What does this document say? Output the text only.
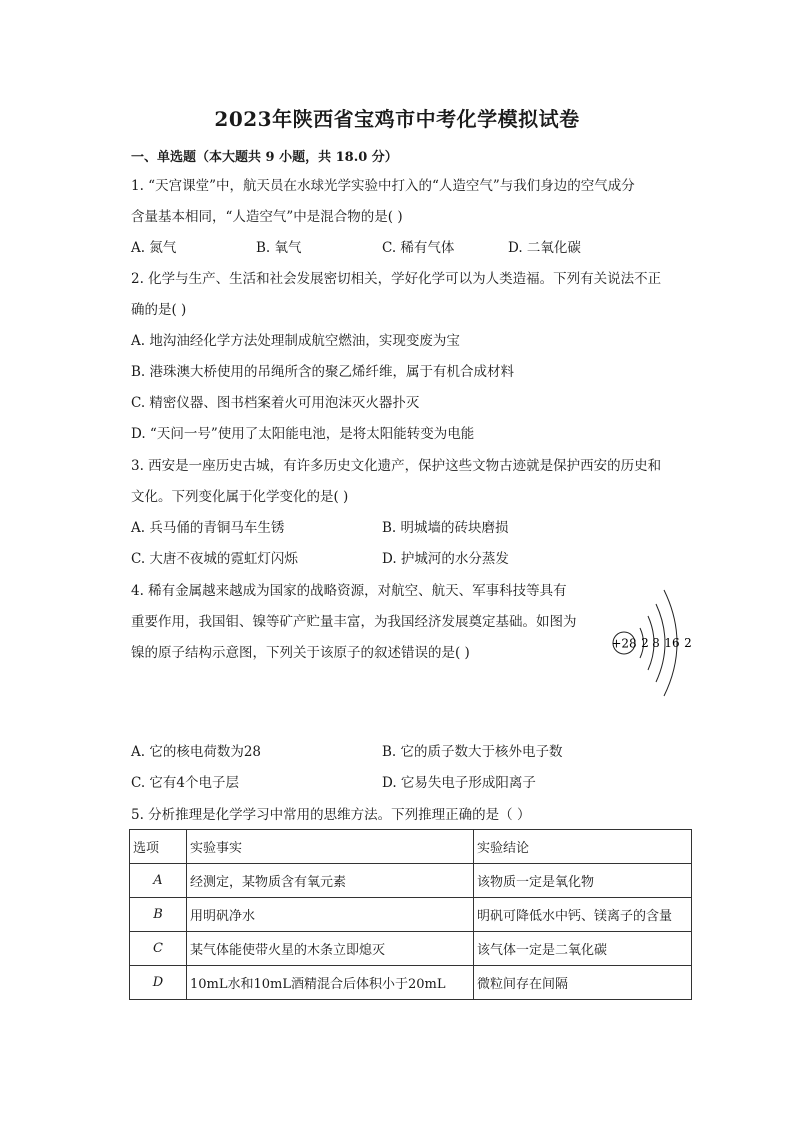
2023年陕西省宝鸡市中考化学模拟试卷
一、单选题（本大题共 9 小题，共 18.0 分）
1. “天宫课堂”中，航天员在水球光学实验中打入的“人造空气”与我们身边的空气成分
含量基本相同，“人造空气”中是混合物的是( )
A. 氮气	B. 氧气	C. 稀有气体	D. 二氧化碳
2. 化学与生产、生活和社会发展密切相关，学好化学可以为人类造福。下列有关说法不正
确的是( )
A. 地沟油经化学方法处理制成航空燃油，实现变废为宝
B. 港珠澳大桥使用的吊绳所含的聚乙烯纤维，属于有机合成材料
C. 精密仪器、图书档案着火可用泡沫灭火器扑灭
D. “天问一号”使用了太阳能电池，是将太阳能转变为电能
3. 西安是一座历史古城，有许多历史文化遗产，保护这些文物古迹就是保护西安的历史和
文化。下列变化属于化学变化的是( )
A. 兵马俑的青铜马车生锈	B. 明城墙的砖块磨损
C. 大唐不夜城的霓虹灯闪烁	D. 护城河的水分蒸发
4. 稀有金属越来越成为国家的战略资源，对航空、航天、军事科技等具有
重要作用，我国钼、镍等矿产贮量丰富，为我国经济发展奠定基础。如图为
镍的原子结构示意图，下列关于该原子的叙述错误的是( )
+28 2 8 16 2
A. 它的核电荷数为28	B. 它的质子数大于核外电子数
C. 它有4个电子层	D. 它易失电子形成阳离子
5. 分析推理是化学学习中常用的思维方法。下列推理正确的是（ ）
选项	实验事实	实验结论
A	经测定，某物质含有氧元素	该物质一定是氧化物
B	用明矾净水	明矾可降低水中钙、镁离子的含量
C	某气体能使带火星的木条立即熄灭	该气体一定是二氧化碳
D	10mL水和10mL酒精混合后体积小于20mL	微粒间存在间隔
